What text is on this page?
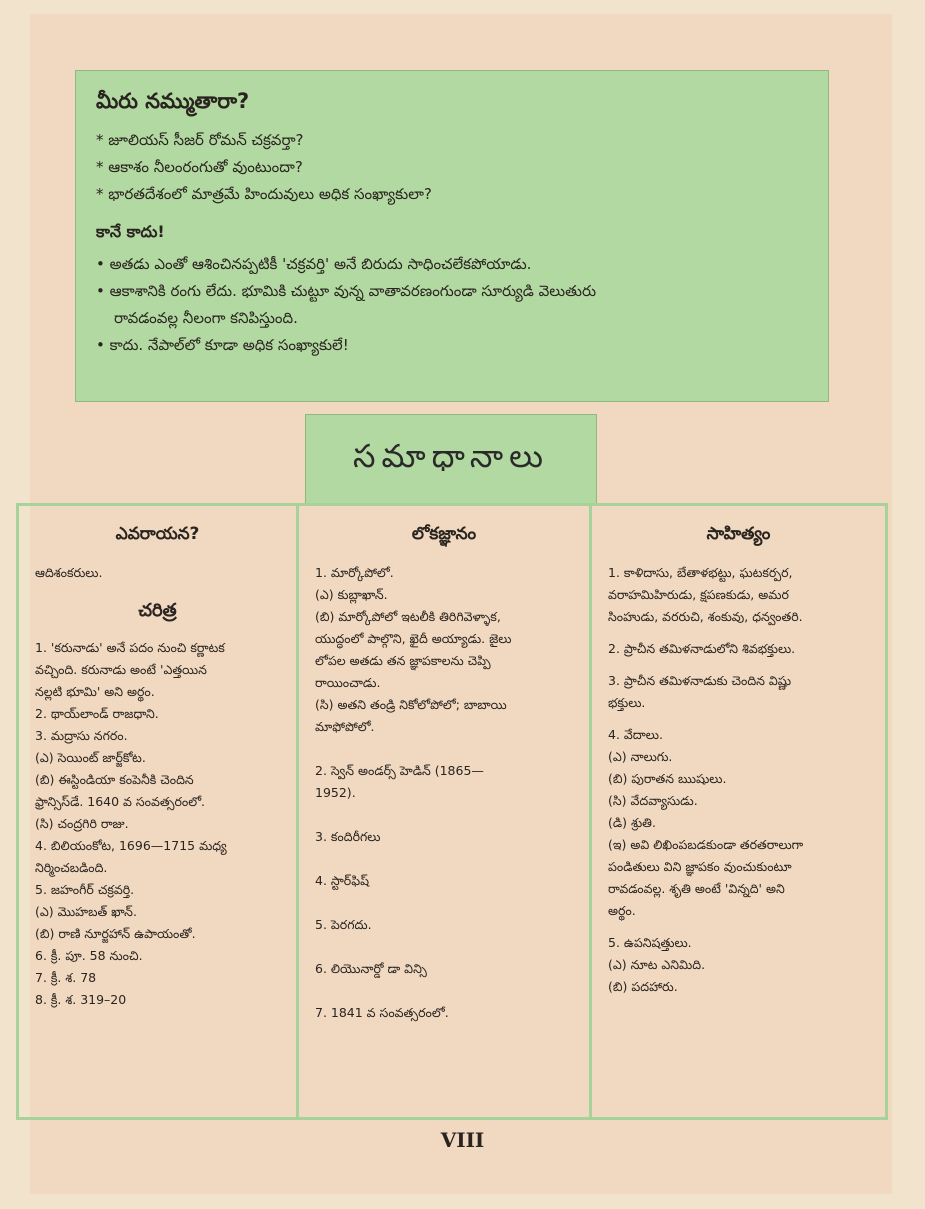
మీరు నమ్ముతారా?
* జూలియస్ సీజర్ రోమన్ చక్రవర్తా?
* ఆకాశం నీలంరంగుతో వుంటుందా?
* భారతదేశంలో మాత్రమే హిందువులు అధిక సంఖ్యాకులా?
కానే కాదు!
• అతడు ఎంతో ఆశించినప్పటికీ 'చక్రవర్తి' అనే బిరుదు సాధించలేకపోయాడు.
• ఆకాశానికి రంగు లేదు. భూమికి చుట్టూ వున్న వాతావరణంగుండా సూర్యుడి వెలుతురు
రావడంవల్ల నీలంగా కనిపిస్తుంది.
• కాదు. నేపాల్‌లో కూడా అధిక సంఖ్యాకులే!
సమాధానాలు
ఎవరాయన?

ఆదిశంకరులు.

చరిత్ర

1. 'కరునాడు' అనే పదం నుంచి కర్ణాటక

వచ్చింది. కరునాడు అంటే 'ఎత్తయిన

నల్లటి భూమి' అని అర్థం.

2. థాయ్‌లాండ్ రాజధాని.

3. మద్రాసు నగరం.

(ఎ) సెయింట్ జార్జ్‌కోట.

(బి) ఈస్టిండియా కంపెనీకి చెందిన

ఫ్రాన్సిస్‌డే. 1640 వ సంవత్సరంలో.

(సి) చంద్రగిరి రాజు.

4. బిలియంకోట, 1696—1715 మధ్య

నిర్మించబడింది.

5. జహంగీర్ చక్రవర్తి.

(ఎ) మొహబత్ ఖాన్.

(బి) రాణి నూర్జహాన్ ఉపాయంతో.

6. క్రీ. పూ. 58 నుంచి.

7. క్రీ. శ. 78

8. క్రీ. శ. 319–20

లోకజ్ఞానం

1. మార్కోపోలో.

(ఎ) కుబ్లాఖాన్.

(బి) మార్కోపోలో ఇటలీకి తిరిగివెళ్ళాక,

యుద్ధంలో పాల్గొని, ఖైదీ అయ్యాడు. జైలు

లోపల అతడు తన జ్ఞాపకాలను చెప్పి

రాయించాడు.

(సి) అతని తండ్రి నికోలోపోలో; బాబాయి

మాఫోపోలో.

2. స్వెన్ అండర్స్ హెడిన్ (1865—

1952).

3. కందిరీగలు

4. స్టార్‌ఫిష్

5. పెరగదు.

6. లియొనార్డో డా విన్సి

7. 1841 వ సంవత్సరంలో.

సాహిత్యం

1. కాళిదాసు, బేతాళభట్టు, ఘటకర్పర,

వరాహమిహిరుడు, క్షపణకుడు, అమర

సింహుడు, వరరుచి, శంకువు, ధన్వంతరి.

2. ప్రాచీన తమిళనాడులోని శివభక్తులు.

3. ప్రాచీన తమిళనాడుకు చెందిన విష్ణు

భక్తులు.

4. వేదాలు.

(ఎ) నాలుగు.

(బి) పురాతన ఋషులు.

(సి) వేదవ్యాసుడు.

(డి) శ్రుతి.

(ఇ) అవి లిఖింపబడకుండా తరతరాలుగా

పండితులు విని జ్ఞాపకం వుంచుకుంటూ

రావడంవల్ల. శృతి అంటే 'విన్నది' అని

అర్థం.

5. ఉపనిషత్తులు.

(ఎ) నూట ఎనిమిది.

(బి) పదహారు.

VIII
